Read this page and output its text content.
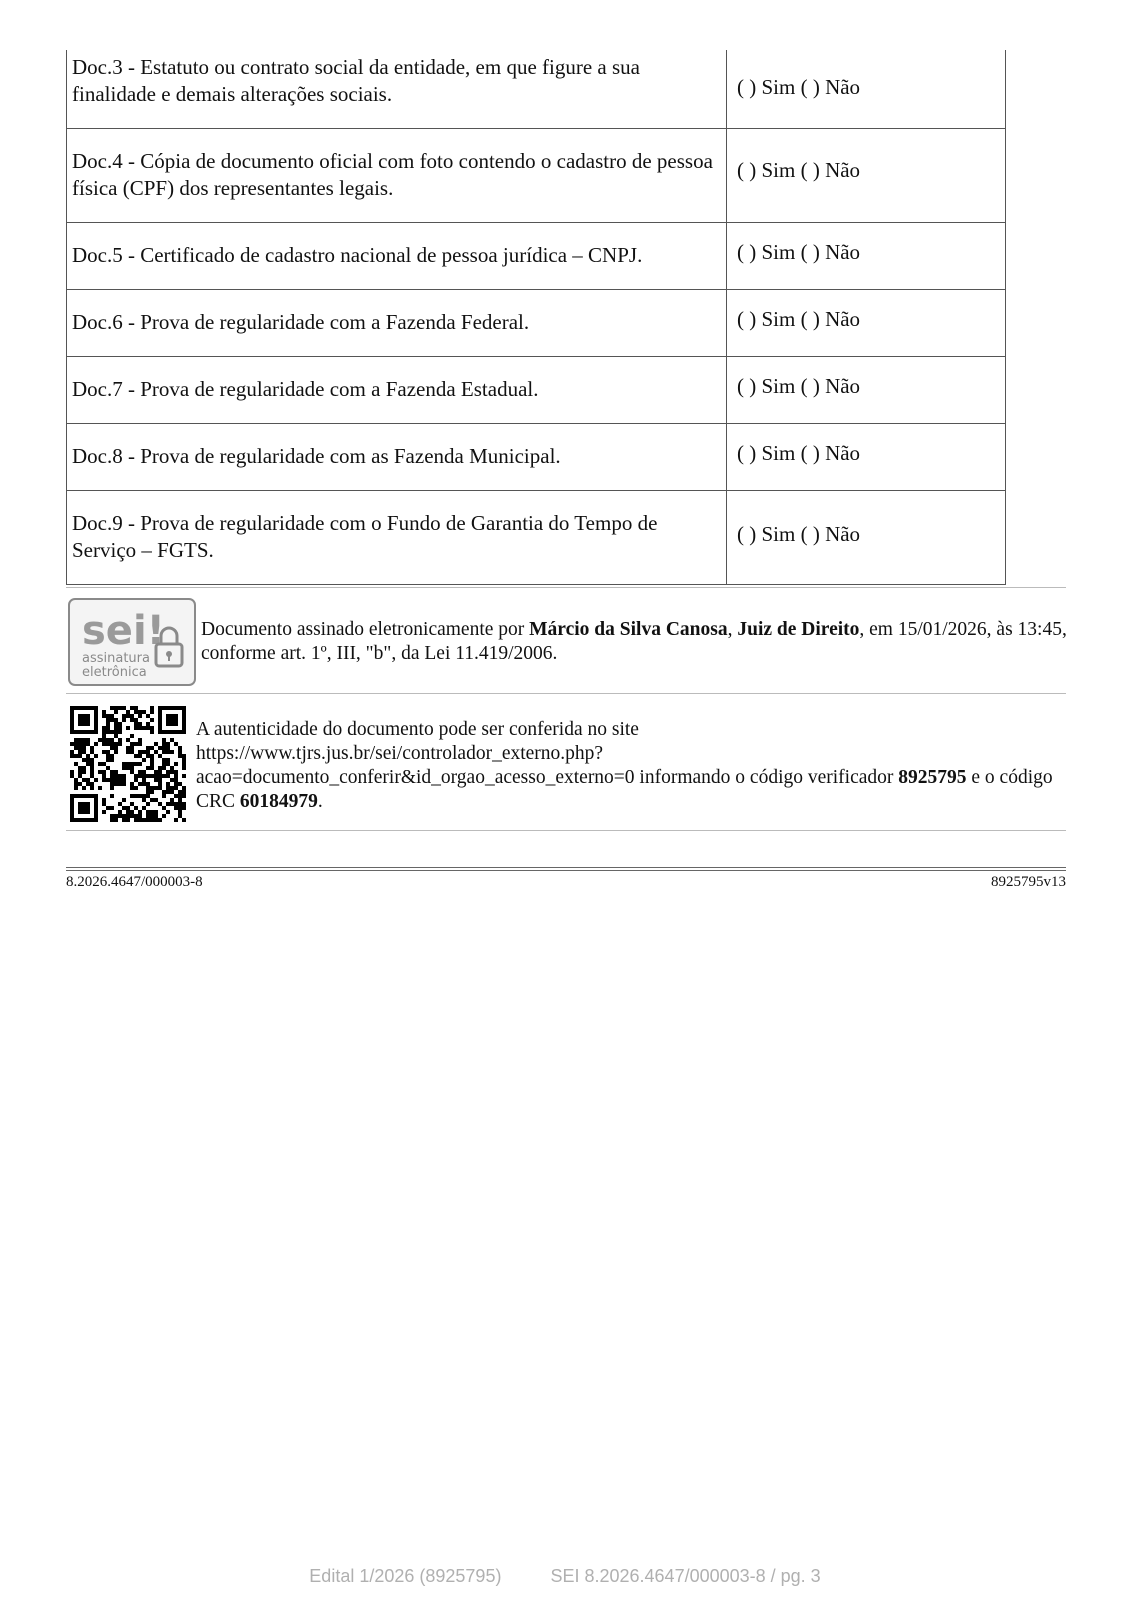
Doc.3 - Estatuto ou contrato social da entidade, em que figure a sua finalidade e demais alterações sociais.	( ) Sim ( ) Não

Doc.4 - Cópia de documento oficial com foto contendo o cadastro de pessoa física (CPF) dos representantes legais.	( ) Sim ( ) Não

Doc.5 - Certificado de cadastro nacional de pessoa jurídica – CNPJ.	( ) Sim ( ) Não

Doc.6 - Prova de regularidade com a Fazenda Federal.	( ) Sim ( ) Não

Doc.7 - Prova de regularidade com a Fazenda Estadual.	( ) Sim ( ) Não

Doc.8 - Prova de regularidade com as Fazenda Municipal.	( ) Sim ( ) Não

Doc.9 - Prova de regularidade com o Fundo de Garantia do Tempo de Serviço – FGTS.	( ) Sim ( ) Não
sei!
assinatura
eletrônica
Documento assinado eletronicamente por Márcio da Silva Canosa, Juiz de Direito, em 15/01/2026, às 13:45, conforme art. 1º, III, "b", da Lei 11.419/2006.
A autenticidade do documento pode ser conferida no site
https://www.tjrs.jus.br/sei/controlador_externo.php?
acao=documento_conferir&id_orgao_acesso_externo=0 informando o código verificador 8925795 e o código CRC 60184979.
8.2026.4647/000003-8	8925795v13
Edital 1/2026 (8925795)	SEI 8.2026.4647/000003-8 / pg. 3
